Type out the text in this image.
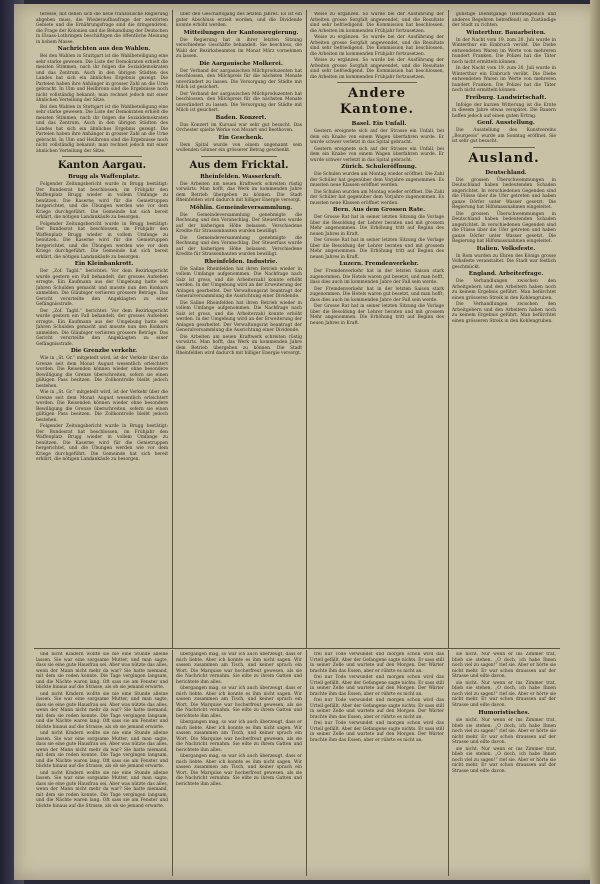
teresse, mit denen sich die neue französische Regierung abgeben muss, die Wiederaufbaufrage der zerstörten Gebiete und die Ernährungsfrage sind die dringendsten, die Frage der Kolonien und die Behandlung der Deutschen in Elsass-Lothringen beschäftigen die öffentliche Meinung in hohem Masse.

Nachrichten aus den Wahlen.

Bei den Wahlen in Stuttgart ist die Wahlbeteiligung eine sehr starke gewesen. Die Liste der Demokraten erhielt die meisten Stimmen, nach ihr folgen die Sozialdemokraten und das Zentrum. Auch in den übrigen Städten des Landes hat sich ein ähnliches Ergebnis gezeigt. Die Parteien haben ihre Anhänger in grosser Zahl an die Urne gebracht. In Ulm und Heilbronn sind die Ergebnisse noch nicht vollständig bekannt; man rechnet jedoch mit einer ähnlichen Verteilung der Sitze.

Bei den Wahlen in Stuttgart ist die Wahlbeteiligung eine sehr starke gewesen. Die Liste der Demokraten erhielt die meisten Stimmen, nach ihr folgen die Sozialdemokraten und das Zentrum. Auch in den übrigen Städten des Landes hat sich ein ähnliches Ergebnis gezeigt. Die Parteien haben ihre Anhänger in grosser Zahl an die Urne gebracht. In Ulm und Heilbronn sind die Ergebnisse noch nicht vollständig bekannt; man rechnet jedoch mit einer ähnlichen Verteilung der Sitze.

Kanton Aargau.

Brugg als Waffenplatz.

Folgender Zeitungsbericht wurde in Brugg bestätigt: Der Bundesrat hat beschlossen, im Frühjahr den Waffenplatz Brugg wieder in vollem Umfange zu benützen. Die Kaserne wird für die Genietruppen hergerichtet, und die Übungen werden wie vor dem Kriege durchgeführt. Die Gemeinde hat sich bereit erklärt, die nötigen Landankäufe zu besorgen.

Folgender Zeitungsbericht wurde in Brugg bestätigt: Der Bundesrat hat beschlossen, im Frühjahr den Waffenplatz Brugg wieder in vollem Umfange zu benützen. Die Kaserne wird für die Genietruppen hergerichtet, und die Übungen werden wie vor dem Kriege durchgeführt. Die Gemeinde hat sich bereit erklärt, die nötigen Landankäufe zu besorgen.

Ein Kleinbankrott.

Der „Zof. Tagbl.“ berichtet: Vor dem Bezirksgericht wurde gestern ein Fall behandelt, der grosses Aufsehen erregte. Ein Kaufmann aus der Umgebung hatte seit Jahren Schulden gemacht und musste nun den Konkurs anmelden. Die Gläubiger verlieren grössere Beträge. Das Gericht verurteilte den Angeklagten zu einer Gefängnisstrafe.

Der „Zof. Tagbl.“ berichtet: Vor dem Bezirksgericht wurde gestern ein Fall behandelt, der grosses Aufsehen erregte. Ein Kaufmann aus der Umgebung hatte seit Jahren Schulden gemacht und musste nun den Konkurs anmelden. Die Gläubiger verlieren grössere Beträge. Das Gericht verurteilte den Angeklagten zu einer Gefängnisstrafe.

Die Grenzbe verkehr.

Wie in „St. Gr.“ mitgeteilt wird, ist der Verkehr über die Grenze seit dem Monat August wesentlich erleichtert worden. Die Reisenden können wieder ohne besondere Bewilligung die Grenze überschreiten, sofern sie einen gültigen Pass besitzen. Die Zollkontrolle bleibt jedoch bestehen.

Wie in „St. Gr.“ mitgeteilt wird, ist der Verkehr über die Grenze seit dem Monat August wesentlich erleichtert worden. Die Reisenden können wieder ohne besondere Bewilligung die Grenze überschreiten, sofern sie einen gültigen Pass besitzen. Die Zollkontrolle bleibt jedoch bestehen.

Folgender Zeitungsbericht wurde in Brugg bestätigt: Der Bundesrat hat beschlossen, im Frühjahr den Waffenplatz Brugg wieder in vollem Umfange zu benützen. Die Kaserne wird für die Genietruppen hergerichtet, und die Übungen werden wie vor dem Kriege durchgeführt. Die Gemeinde hat sich bereit erklärt, die nötigen Landankäufe zu besorgen.

über den Geschäftsgang des letzten Jahres. Es ist ein guter Abschluss erzielt worden, und die Dividende konnte erhöht werden.

Mitteilungen der Kantonsregierung.

Die Regierung hat in ihrer letzten Sitzung verschiedene Geschäfte behandelt. Sie beschloss, die Wahl der Bezirksbeamten im Monat März vornehmen zu lassen.

Die Aargauische Molkerei.

Der Verband der aargauischen Milchproduzenten hat beschlossen, den Milchpreis für die nächsten Monate unverändert zu lassen. Die Versorgung der Städte mit Milch ist gesichert.

Der Verband der aargauischen Milchproduzenten hat beschlossen, den Milchpreis für die nächsten Monate unverändert zu lassen. Die Versorgung der Städte mit Milch ist gesichert.

Baden. Konzert.

Das Konzert im Kursaal war sehr gut besucht. Das Orchester spielte Werke von Mozart und Beethoven.

Ein Geschenk.

Dem Spital wurde von einem ungenannt sein wollenden Gönner ein grösserer Betrag geschenkt.

Aus dem Fricktal.

Rheinfelden. Wasserkraft.

Die Arbeiten am neuen Kraftwerk schreiten rüstig vorwärts. Man hofft, das Werk im kommenden Jahre dem Betrieb übergeben zu können. Die Stadt Rheinfelden wird dadurch mit billiger Energie versorgt.

Möhlin. Gemeindeversammlung.

Die Gemeindeversammlung genehmigte die Rechnung und den Voranschlag. Der Steuerfuss wurde auf der bisherigen Höhe belassen. Verschiedene Kredite für Strassenbauten wurden bewilligt.

Die Gemeindeversammlung genehmigte die Rechnung und den Voranschlag. Der Steuerfuss wurde auf der bisherigen Höhe belassen. Verschiedene Kredite für Strassenbauten wurden bewilligt.

Rheinfelden. Industrie.

Die Saline Rheinfelden hat ihren Betrieb wieder in vollem Umfange aufgenommen. Die Nachfrage nach Salz ist gross, und die Arbeiterzahl konnte erhöht werden. In der Umgebung wird an der Erweiterung der Anlagen gearbeitet. Der Verwaltungsrat beantragt der Generalversammlung die Ausrichtung einer Dividende.

Die Saline Rheinfelden hat ihren Betrieb wieder in vollem Umfange aufgenommen. Die Nachfrage nach Salz ist gross, und die Arbeiterzahl konnte erhöht werden. In der Umgebung wird an der Erweiterung der Anlagen gearbeitet. Der Verwaltungsrat beantragt der Generalversammlung die Ausrichtung einer Dividende.

Die Arbeiten am neuen Kraftwerk schreiten rüstig vorwärts. Man hofft, das Werk im kommenden Jahre dem Betrieb übergeben zu können. Die Stadt Rheinfelden wird dadurch mit billiger Energie versorgt.

Weise zu ergänzen. So wurde bei der Ausführung der Arbeiten grosse Sorgfalt angewendet, und die Resultate sind sehr befriedigend. Die Kommission hat beschlossen, die Arbeiten im kommenden Frühjahr fortzusetzen.

Weise zu ergänzen. So wurde bei der Ausführung der Arbeiten grosse Sorgfalt angewendet, und die Resultate sind sehr befriedigend. Die Kommission hat beschlossen, die Arbeiten im kommenden Frühjahr fortzusetzen.

Weise zu ergänzen. So wurde bei der Ausführung der Arbeiten grosse Sorgfalt angewendet, und die Resultate sind sehr befriedigend. Die Kommission hat beschlossen, die Arbeiten im kommenden Frühjahr fortzusetzen.

Andere Kantone.

Basel. Ein Unfall.

Gestern ereignete sich auf der Strasse ein Unfall, bei dem ein Knabe von einem Wagen überfahren wurde. Er wurde schwer verletzt in das Spital gebracht.

Gestern ereignete sich auf der Strasse ein Unfall, bei dem ein Knabe von einem Wagen überfahren wurde. Er wurde schwer verletzt in das Spital gebracht.

Zürich. Schuleröffnung.

Die Schulen wurden am Montag wieder eröffnet. Die Zahl der Schüler hat gegenüber dem Vorjahre zugenommen. Es mussten neue Klassen eröffnet werden.

Die Schulen wurden am Montag wieder eröffnet. Die Zahl der Schüler hat gegenüber dem Vorjahre zugenommen. Es mussten neue Klassen eröffnet werden.

Bern. Aus dem Grossen Rate.

Der Grosse Rat hat in seiner letzten Sitzung die Vorlage über die Besoldung der Lehrer beraten und mit grossem Mehr angenommen. Die Erhöhung tritt auf Beginn des neuen Jahres in Kraft.

Der Grosse Rat hat in seiner letzten Sitzung die Vorlage über die Besoldung der Lehrer beraten und mit grossem Mehr angenommen. Die Erhöhung tritt auf Beginn des neuen Jahres in Kraft.

Luzern. Fremdenverkehr.

Der Fremdenverkehr hat in der letzten Saison stark zugenommen. Die Hotels waren gut besetzt, und man hofft, dass dies auch im kommenden Jahre der Fall sein werde.

Der Fremdenverkehr hat in der letzten Saison stark zugenommen. Die Hotels waren gut besetzt, und man hofft, dass dies auch im kommenden Jahre der Fall sein werde.

Der Grosse Rat hat in seiner letzten Sitzung die Vorlage über die Besoldung der Lehrer beraten und mit grossem Mehr angenommen. Die Erhöhung tritt auf Beginn des neuen Jahres in Kraft.

günstige Dienstgänge (Heiratsgesuch und anderes Begehren betreffend) an Zuständige der Stadt zu richten.

Winterthur. Bauarbeiten.

In der Nacht vom 19. zum 20. Juli wurde in Winterthur ein Einbruch verübt. Die Diebe entwendeten Waren im Werte von mehreren hundert Franken. Die Polizei hat die Täter noch nicht ermitteln können.

In der Nacht vom 19. zum 20. Juli wurde in Winterthur ein Einbruch verübt. Die Diebe entwendeten Waren im Werte von mehreren hundert Franken. Die Polizei hat die Täter noch nicht ermitteln können.

Freiburg. Landwirtschaft.

Infolge der kurzen Witterung ist die Ernte in diesem Jahre etwas verspätet. Die Bauern hoffen jedoch auf einen guten Ertrag.

Genf. Ausstellung.

Die Ausstellung des Kunstvereins „Bourgeois“ wurde am Sonntag eröffnet. Sie ist sehr gut besucht.

Ausland.

Deutschland.

Die grossen Überschwemmungen in Deutschland haben bedeutenden Schaden angerichtet. In verschiedenen Gegenden sind die Flüsse über die Ufer getreten und haben ganze Dörfer unter Wasser gesetzt. Die Regierung hat Hilfsmassnahmen eingeleitet.

Die grossen Überschwemmungen in Deutschland haben bedeutenden Schaden angerichtet. In verschiedenen Gegenden sind die Flüsse über die Ufer getreten und haben ganze Dörfer unter Wasser gesetzt. Die Regierung hat Hilfsmassnahmen eingeleitet.

Italien. Volksfeste.

In Rom wurden zu Ehren des Königs grosse Volksfeste veranstaltet. Die Stadt war festlich geschmückt.

England. Arbeiterfrage.

Die Verhandlungen zwischen den Arbeitgebern und den Arbeitern haben noch zu keinem Ergebnis geführt. Man befürchtet einen grösseren Streik in den Kohlengruben.

Die Verhandlungen zwischen den Arbeitgebern und den Arbeitern haben noch zu keinem Ergebnis geführt. Man befürchtet einen grösseren Streik in den Kohlengruben.

und nicht Kindern wollte sie nie eine Stunde alleine lassen. Sie war eine sorgsame Mutter, und man sagte, dass sie eine gute Hausfrau sei. Aber was nützte das alles, wenn der Mann nicht mehr da war? Sie hatte niemand, mit dem sie reden konnte. Die Tage vergingen langsam, und die Nächte waren lang. Oft sass sie am Fenster und blickte hinaus auf die Strasse, als ob sie jemand erwarte.

und nicht Kindern wollte sie nie eine Stunde alleine lassen. Sie war eine sorgsame Mutter, und man sagte, dass sie eine gute Hausfrau sei. Aber was nützte das alles, wenn der Mann nicht mehr da war? Sie hatte niemand, mit dem sie reden konnte. Die Tage vergingen langsam, und die Nächte waren lang. Oft sass sie am Fenster und blickte hinaus auf die Strasse, als ob sie jemand erwarte.

und nicht Kindern wollte sie nie eine Stunde alleine lassen. Sie war eine sorgsame Mutter, und man sagte, dass sie eine gute Hausfrau sei. Aber was nützte das alles, wenn der Mann nicht mehr da war? Sie hatte niemand, mit dem sie reden konnte. Die Tage vergingen langsam, und die Nächte waren lang. Oft sass sie am Fenster und blickte hinaus auf die Strasse, als ob sie jemand erwarte.

und nicht Kindern wollte sie nie eine Stunde alleine lassen. Sie war eine sorgsame Mutter, und man sagte, dass sie eine gute Hausfrau sei. Aber was nützte das alles, wenn der Mann nicht mehr da war? Sie hatte niemand, mit dem sie reden konnte. Die Tage vergingen langsam, und die Nächte waren lang. Oft sass sie am Fenster und blickte hinaus auf die Strasse, als ob sie jemand erwarte.

übergangen mag, so war ich auch überzeugt, dass er mich liebte. Aber ich konnte es ihm nicht sagen. Wir sassen zusammen am Tisch, und keiner sprach ein Wort. Die Marquise war hocherfreut gewesen, als sie die Nachricht vernahm. Sie eilte zu ihrem Gatten und berichtete ihm alles.

übergangen mag, so war ich auch überzeugt, dass er mich liebte. Aber ich konnte es ihm nicht sagen. Wir sassen zusammen am Tisch, und keiner sprach ein Wort. Die Marquise war hocherfreut gewesen, als sie die Nachricht vernahm. Sie eilte zu ihrem Gatten und berichtete ihm alles.

übergangen mag, so war ich auch überzeugt, dass er mich liebte. Aber ich konnte es ihm nicht sagen. Wir sassen zusammen am Tisch, und keiner sprach ein Wort. Die Marquise war hocherfreut gewesen, als sie die Nachricht vernahm. Sie eilte zu ihrem Gatten und berichtete ihm alles.

übergangen mag, so war ich auch überzeugt, dass er mich liebte. Aber ich konnte es ihm nicht sagen. Wir sassen zusammen am Tisch, und keiner sprach ein Wort. Die Marquise war hocherfreut gewesen, als sie die Nachricht vernahm. Sie eilte zu ihrem Gatten und berichtete ihm alles.

frei nur Tode verwundet und morgen schon wird das Urteil gefällt. Aber der Gefangene sagte nichts. Er sass still in seiner Zelle und wartete auf den Morgen. Der Wärter brachte ihm das Essen, aber er rührte es nicht an.

frei nur Tode verwundet und morgen schon wird das Urteil gefällt. Aber der Gefangene sagte nichts. Er sass still in seiner Zelle und wartete auf den Morgen. Der Wärter brachte ihm das Essen, aber er rührte es nicht an.

frei nur Tode verwundet und morgen schon wird das Urteil gefällt. Aber der Gefangene sagte nichts. Er sass still in seiner Zelle und wartete auf den Morgen. Der Wärter brachte ihm das Essen, aber er rührte es nicht an.

frei nur Tode verwundet und morgen schon wird das Urteil gefällt. Aber der Gefangene sagte nichts. Er sass still in seiner Zelle und wartete auf den Morgen. Der Wärter brachte ihm das Essen, aber er rührte es nicht an.

sie nicht. Nur wenn er ins Zimmer trat, blieb sie stehen. „O doch, ich habe Ihnen noch viel zu sagen!“ rief sie. Aber er hörte sie nicht mehr. Er war schon draussen auf der Strasse und eilte davon.

sie nicht. Nur wenn er ins Zimmer trat, blieb sie stehen. „O doch, ich habe Ihnen noch viel zu sagen!“ rief sie. Aber er hörte sie nicht mehr. Er war schon draussen auf der Strasse und eilte davon.

Humoristisches.

sie nicht. Nur wenn er ins Zimmer trat, blieb sie stehen. „O doch, ich habe Ihnen noch viel zu sagen!“ rief sie. Aber er hörte sie nicht mehr. Er war schon draussen auf der Strasse und eilte davon.

sie nicht. Nur wenn er ins Zimmer trat, blieb sie stehen. „O doch, ich habe Ihnen noch viel zu sagen!“ rief sie. Aber er hörte sie nicht mehr. Er war schon draussen auf der Strasse und eilte davon.
